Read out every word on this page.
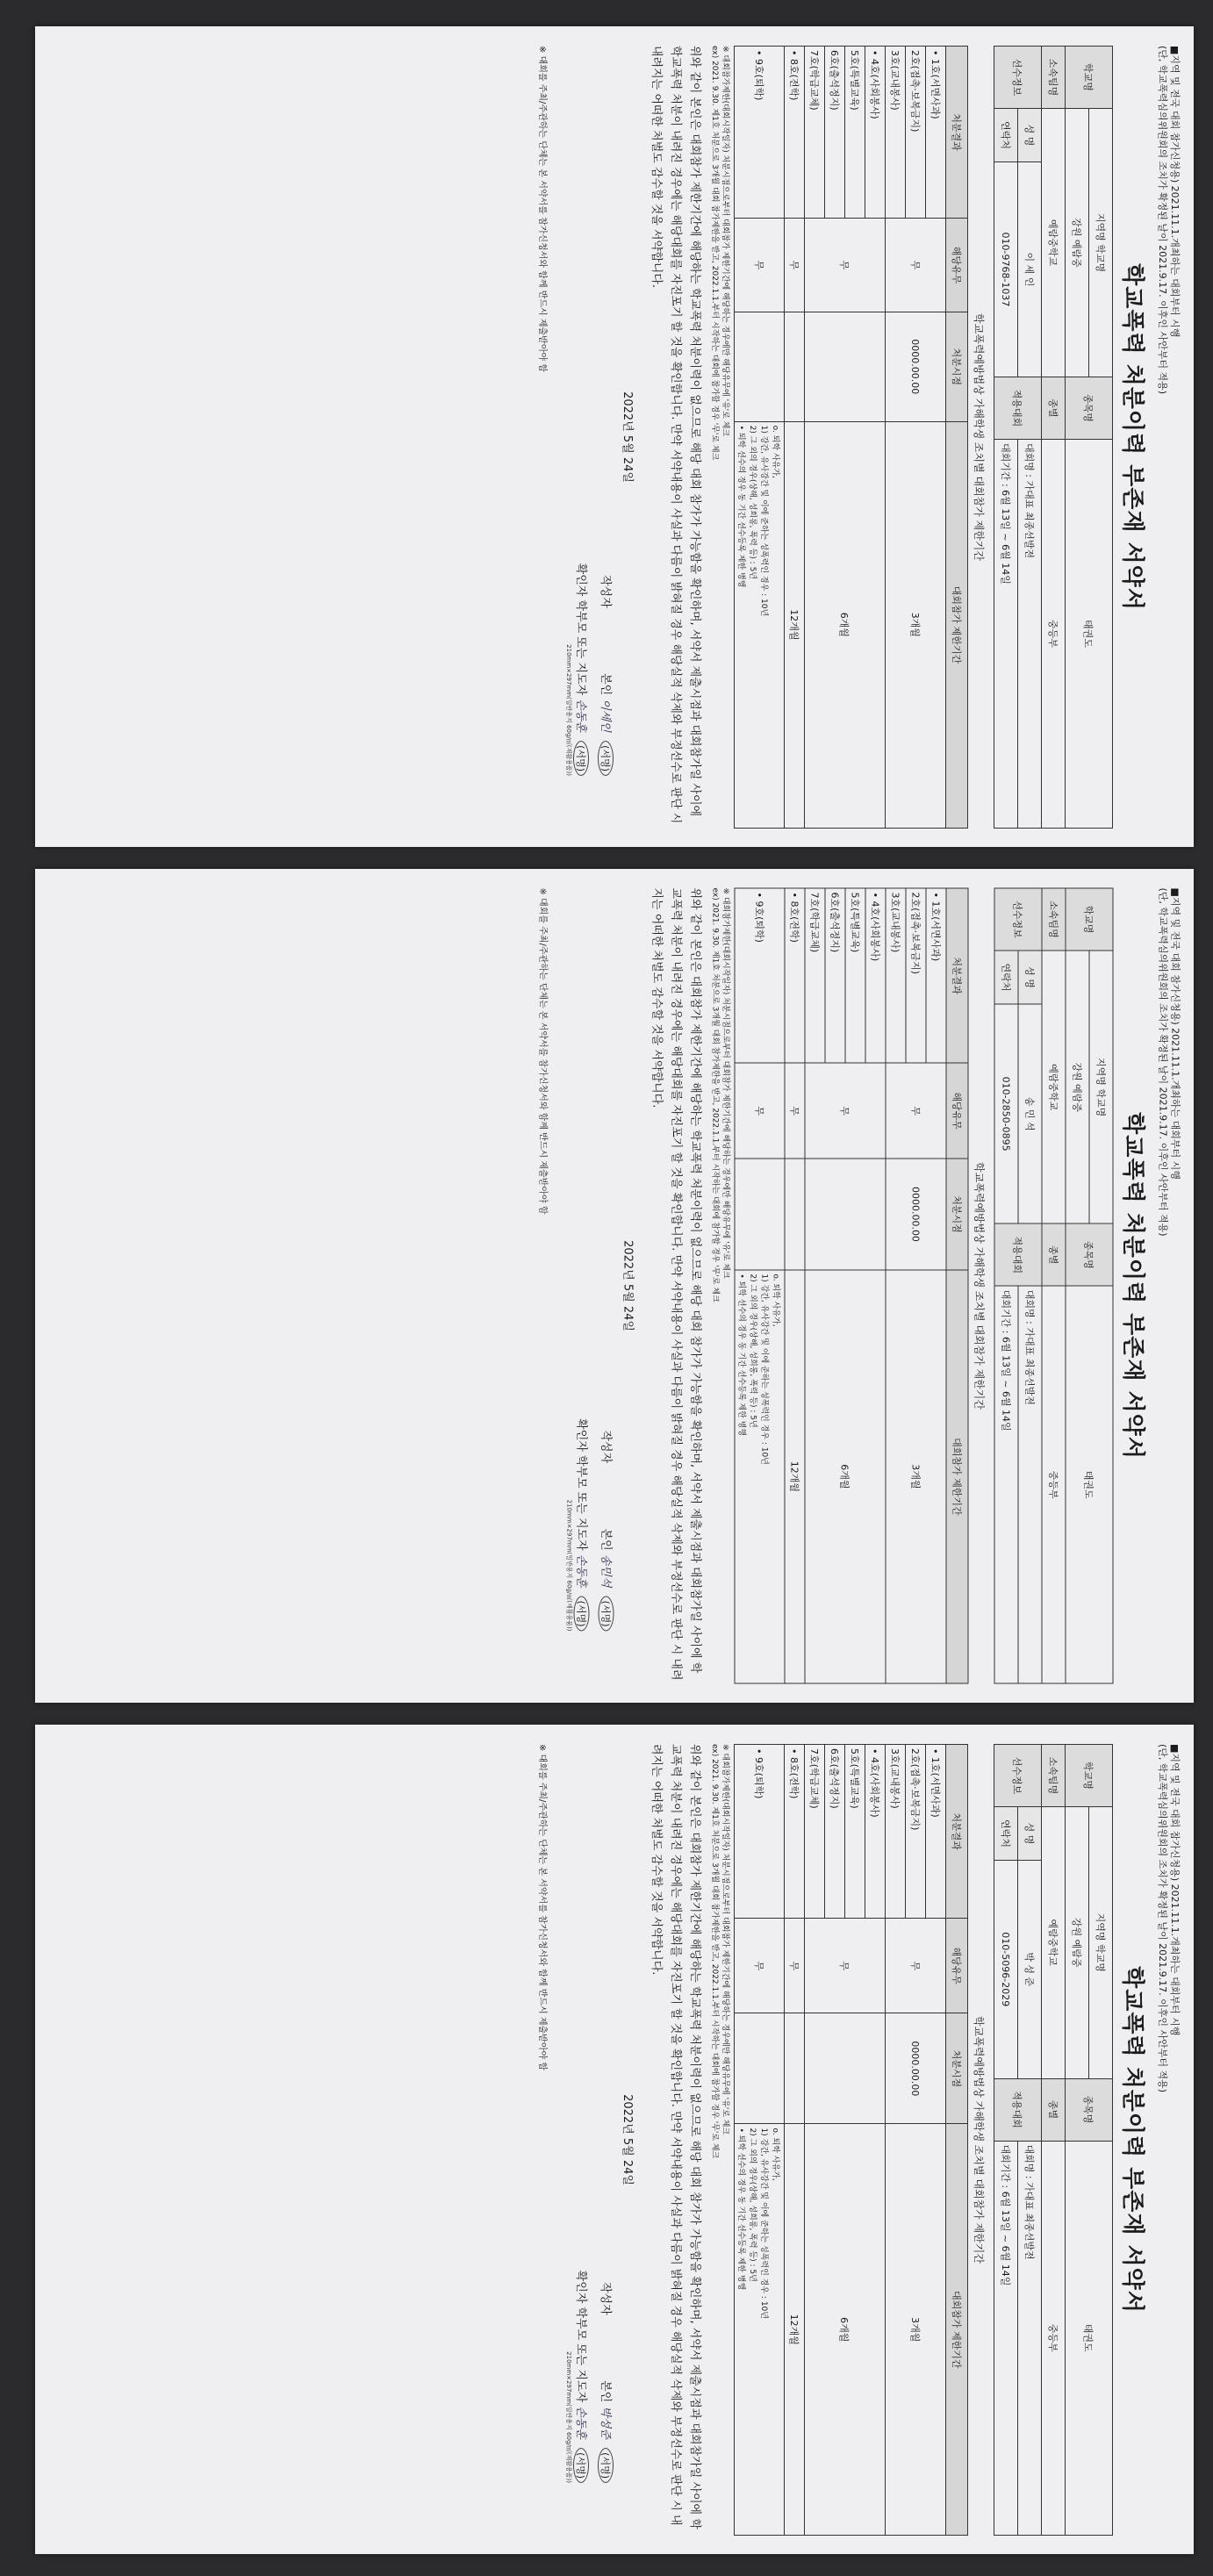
■지역 및 전국 대회 참가신청용) 2021.11.1.개최하는 대회부터 시행
(단, 학교폭력심의위원회의 조치가 확정된 날이 2021.9.17. 이후인 사안부터 적용)
학교폭력 처분이력 부존재 서약서
학교명	지역명 학교명		종목명	태권도
	강원 예람중			
소속팀명	예람중학교		종별	중등부
선수정보	성 명	이 세 인	적용대회	대회명 : 가대표 최종선발전
	연락처	010-9768-1037		대회기간 : 6월 13일 ~ 6월 14일
학교폭력예방법상 가해학생 조치별 대회참가 제한기간
처분결과	해당유무	처분시점	대회참가 제한기간
• 1호(서면사과)	무	0000.00.00	3개월
2호(접촉·보복금지)			
3호(교내봉사)			
• 4호(사회봉사)	무		6개월
5호(특별교육)			
6호(출석정지)			
7호(학급교체)			
• 8호(전학)	무		12개월
• 9호(퇴학)	무		o. 퇴학 사유가,
1) 강간, 유사강간 및 이에 준하는 성폭력인 경우 : 10년
2) 그 외의 경우(상해, 성희롱, 폭력 등) : 5년
• 퇴학 선수의 경우 동 기간 선수등록 제한 병행
※ 대회참가제한(대회시작일자) 처분시점으로부터 대회참가 제한기간에 해당하는 경우에만 해당유무에 '유'로 체크
ex) 2021. 9.30. 제1호 처분으로 3개월 대회 참가제한을 받고, 2022.1.1.부터 시작하는 대회에 참가할 경우 '무'로 체크
위와 같이 본인은 대회참가 제한기간에 해당하는 학교폭력 처분이력이 없으므로 해당 대회 참가가 가능함을 확인하며, 서약서 제출시점과 대회참가일 사이에 학교폭력 처분이 내려진 경우에는 해당대회를 자진포기 할 것을 확인합니다. 만약 서약내용이 사실과 다름이 밝혀질 경우 해당실적 삭제와 부정선수로 판단 시 내려지는 어떠한 처벌도 감수할 것을 서약합니다.
2022년 5월 24일
작성자                  본인 이세인 (서명)
확인자 학부모 또는 지도자 손동훈 (서명)
210mm×297mm(일반용지 60g/㎡(재활용품))
※ 대회를 주최/주관하는 단체는 본 서약서를 참가신청서와 함께 반드시 제출받아야 함
■지역 및 전국 대회 참가신청용) 2021.11.1.개최하는 대회부터 시행
(단, 학교폭력심의위원회의 조치가 확정된 날이 2021.9.17. 이후인 사안부터 적용)
학교폭력 처분이력 부존재 서약서
학교명	지역명 학교명		종목명	태권도
	강원 예람중			
소속팀명	예람중학교		종별	중등부
선수정보	성 명	송 민 석	적용대회	대회명 : 가대표 최종선발전
	연락처	010-2850-0895		대회기간 : 6월 13일 ~ 6월 14일
학교폭력예방법상 가해학생 조치별 대회참가 제한기간
처분결과	해당유무	처분시점	대회참가 제한기간
• 1호(서면사과)	무	0000.00.00	3개월
2호(접촉·보복금지)			
3호(교내봉사)			
• 4호(사회봉사)	무		6개월
5호(특별교육)			
6호(출석정지)			
7호(학급교체)			
• 8호(전학)	무		12개월
• 9호(퇴학)	무		o. 퇴학 사유가,
1) 강간, 유사강간 및 이에 준하는 성폭력인 경우 : 10년
2) 그 외의 경우(상해, 성희롱, 폭력 등) : 5년
• 퇴학 선수의 경우 동 기간 선수등록 제한 병행
※ 대회참가제한(대회시작일자) 처분시점으로부터 대회참가 제한기간에 해당하는 경우에만 해당유무에 '유'로 체크
ex) 2021. 9.30. 제1호 처분으로 3개월 대회 참가제한을 받고, 2022.1.1.부터 시작하는 대회에 참가할 경우 '무'로 체크
위와 같이 본인은 대회참가 제한기간에 해당하는 학교폭력 처분이력이 없으므로 해당 대회 참가가 가능함을 확인하며, 서약서 제출시점과 대회참가일 사이에 학교폭력 처분이 내려진 경우에는 해당대회를 자진포기 할 것을 확인합니다. 만약 서약내용이 사실과 다름이 밝혀질 경우 해당실적 삭제와 부정선수로 판단 시 내려지는 어떠한 처벌도 감수할 것을 서약합니다.
2022년 5월 24일
작성자                  본인 송민석 (서명)
확인자 학부모 또는 지도자 손동훈 (서명)
210mm×297mm(일반용지 60g/㎡(재활용품))
※ 대회를 주최/주관하는 단체는 본 서약서를 참가신청서와 함께 반드시 제출받아야 함
■지역 및 전국 대회 참가신청용) 2021.11.1.개최하는 대회부터 시행
(단, 학교폭력심의위원회의 조치가 확정된 날이 2021.9.17. 이후인 사안부터 적용)
학교폭력 처분이력 부존재 서약서
학교명	지역명 학교명		종목명	태권도
	강원 예람중			
소속팀명	예람중학교		종별	중등부
선수정보	성 명	박 성 준	적용대회	대회명 : 가대표 최종선발전
	연락처	010-5096-2029		대회기간 : 6월 13일 ~ 6월 14일
학교폭력예방법상 가해학생 조치별 대회참가 제한기간
처분결과	해당유무	처분시점	대회참가 제한기간
• 1호(서면사과)	무	0000.00.00	3개월
2호(접촉·보복금지)			
3호(교내봉사)			
• 4호(사회봉사)	무		6개월
5호(특별교육)			
6호(출석정지)			
7호(학급교체)			
• 8호(전학)	무		12개월
• 9호(퇴학)	무		o. 퇴학 사유가,
1) 강간, 유사강간 및 이에 준하는 성폭력인 경우 : 10년
2) 그 외의 경우(상해, 성희롱, 폭력 등) : 5년
• 퇴학 선수의 경우 동 기간 선수등록 제한 병행
※ 대회참가제한(대회시작일자) 처분시점으로부터 대회참가 제한기간에 해당하는 경우에만 해당유무에 '유'로 체크
ex) 2021. 9.30. 제1호 처분으로 3개월 대회 참가제한을 받고, 2022.1.1.부터 시작하는 대회에 참가할 경우 '무'로 체크
위와 같이 본인은 대회참가 제한기간에 해당하는 학교폭력 처분이력이 없으므로 해당 대회 참가가 가능함을 확인하며, 서약서 제출시점과 대회참가일 사이에 학교폭력 처분이 내려진 경우에는 해당대회를 자진포기 할 것을 확인합니다. 만약 서약내용이 사실과 다름이 밝혀질 경우 해당실적 삭제와 부정선수로 판단 시 내려지는 어떠한 처벌도 감수할 것을 서약합니다.
2022년 5월 24일
작성자                  본인 박성준 (서명)
확인자 학부모 또는 지도자 손동훈 (서명)
210mm×297mm(일반용지 60g/㎡(재활용품))
※ 대회를 주최/주관하는 단체는 본 서약서를 참가신청서와 함께 반드시 제출받아야 함
